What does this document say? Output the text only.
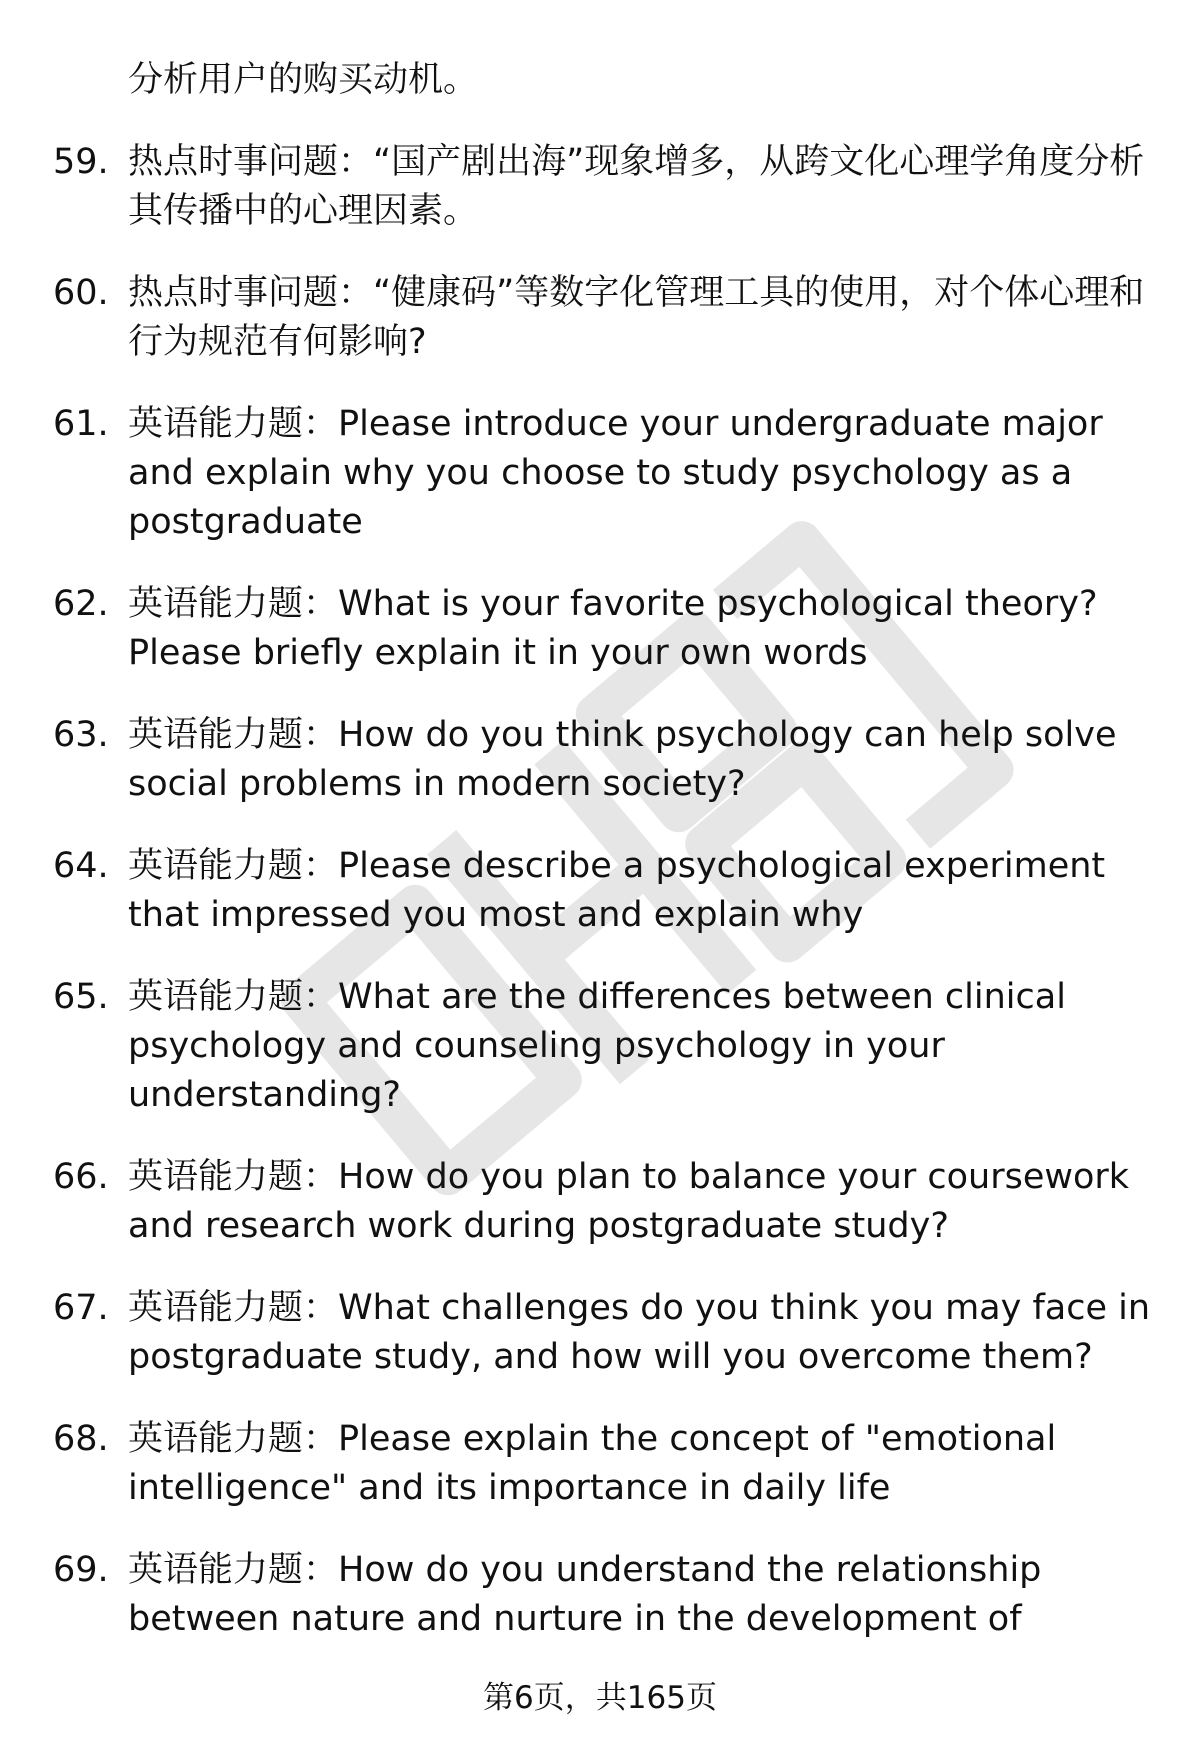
分析用户的购买动机。
59. 热点时事问题：“国产剧出海”现象增多，从跨文化心理学角度分析其传播中的心理因素。
60. 热点时事问题：“健康码”等数字化管理工具的使用，对个体心理和行为规范有何影响?
61. 英语能力题：Please introduce your undergraduate major and explain why you choose to study psychology as a postgraduate
62. 英语能力题：What is your favorite psychological theory? Please briefly explain it in your own words
63. 英语能力题：How do you think psychology can help solve social problems in modern society?
64. 英语能力题：Please describe a psychological experiment that impressed you most and explain why
65. 英语能力题：What are the differences between clinical psychology and counseling psychology in your understanding?
66. 英语能力题：How do you plan to balance your coursework and research work during postgraduate study?
67. 英语能力题：What challenges do you think you may face in postgraduate study, and how will you overcome them?
68. 英语能力题：Please explain the concept of "emotional intelligence" and its importance in daily life
69. 英语能力题：How do you understand the relationship between nature and nurture in the development of
第6页，共165页
